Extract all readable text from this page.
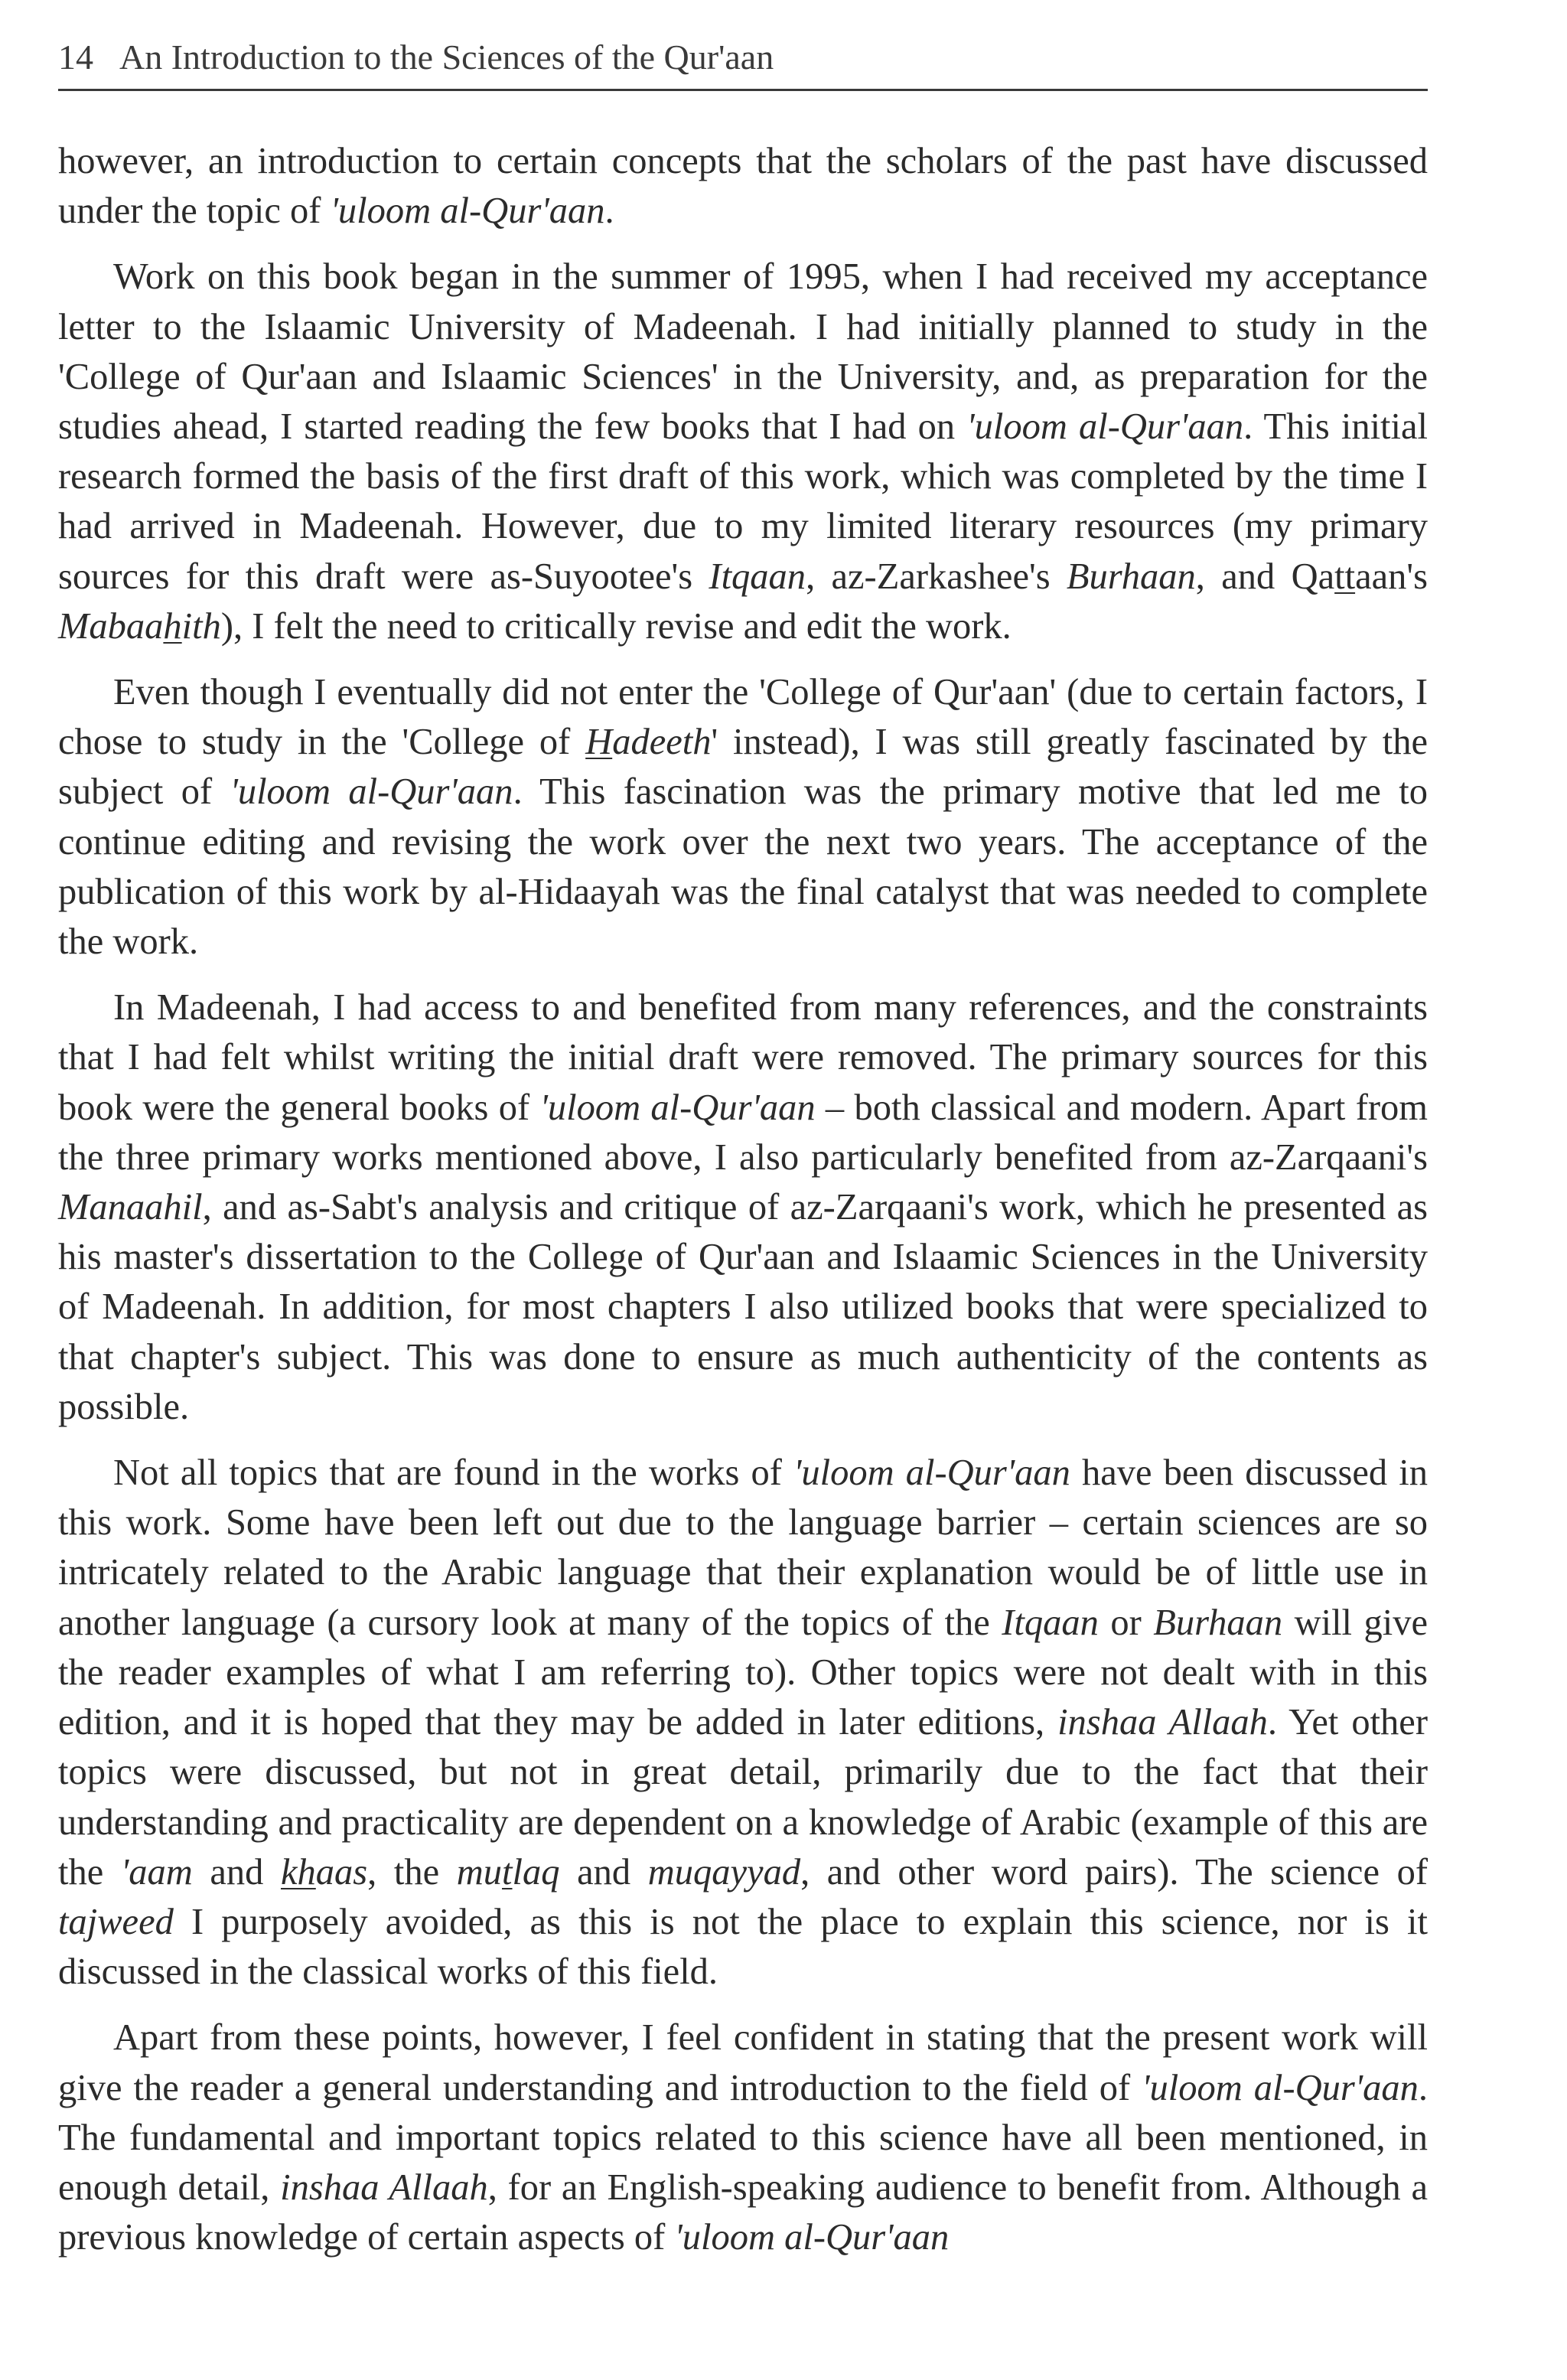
14 An Introduction to the Sciences of the Qur'aan

however, an introduction to certain concepts that the scholars of the past have discussed under the topic of 'uloom al-Qur'aan.

Work on this book began in the summer of 1995, when I had received my acceptance letter to the Islaamic University of Madeenah. I had initially planned to study in the 'College of Qur'aan and Islaamic Sciences' in the University, and, as preparation for the studies ahead, I started reading the few books that I had on 'uloom al-Qur'aan. This initial research formed the basis of the first draft of this work, which was completed by the time I had arrived in Madeenah. However, due to my limited literary resources (my primary sources for this draft were as-Suyootee's Itqaan, az-Zarkashee's Burhaan, and Qattaan's Mabaahith), I felt the need to critically revise and edit the work.

Even though I eventually did not enter the 'College of Qur'aan' (due to certain factors, I chose to study in the 'College of Hadeeth' instead), I was still greatly fascinated by the subject of 'uloom al-Qur'aan. This fascination was the primary motive that led me to continue editing and revising the work over the next two years. The acceptance of the publication of this work by al-Hidaayah was the final catalyst that was needed to complete the work.

In Madeenah, I had access to and benefited from many references, and the constraints that I had felt whilst writing the initial draft were removed. The primary sources for this book were the general books of 'uloom al-Qur'aan – both classical and modern. Apart from the three primary works mentioned above, I also particularly benefited from az-Zarqaani's Manaahil, and as-Sabt's analysis and critique of az-Zarqaani's work, which he presented as his master's dissertation to the College of Qur'aan and Islaamic Sciences in the University of Madeenah. In addition, for most chapters I also utilized books that were specialized to that chapter's subject. This was done to ensure as much authenticity of the contents as possible.

Not all topics that are found in the works of 'uloom al-Qur'aan have been discussed in this work. Some have been left out due to the language barrier – certain sciences are so intricately related to the Arabic language that their explanation would be of little use in another language (a cursory look at many of the topics of the Itqaan or Burhaan will give the reader examples of what I am referring to). Other topics were not dealt with in this edition, and it is hoped that they may be added in later editions, inshaa Allaah. Yet other topics were discussed, but not in great detail, primarily due to the fact that their understanding and practicality are dependent on a knowledge of Arabic (example of this are the 'aam and khaas, the mutlaq and muqayyad, and other word pairs). The science of tajweed I purposely avoided, as this is not the place to explain this science, nor is it discussed in the classical works of this field.

Apart from these points, however, I feel confident in stating that the present work will give the reader a general understanding and introduction to the field of 'uloom al-Qur'aan. The fundamental and important topics related to this science have all been mentioned, in enough detail, inshaa Allaah, for an English-speaking audience to benefit from. Although a previous knowledge of certain aspects of 'uloom al-Qur'aan
